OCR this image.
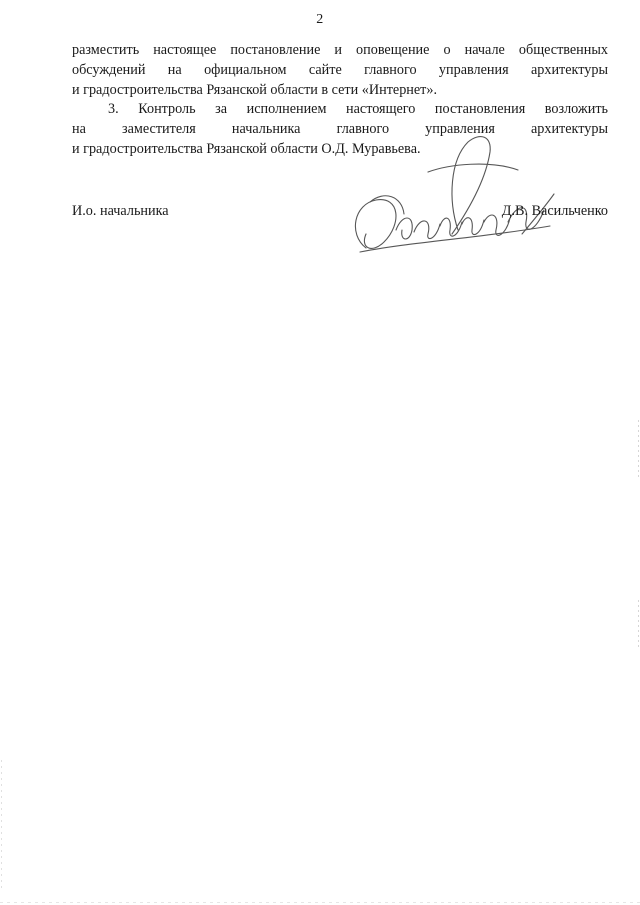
2
разместить настоящее постановление и оповещение о начале общественных
обсуждений на официальном сайте главного управления архитектуры
и градостроительства Рязанской области в сети «Интернет».
3. Контроль за исполнением настоящего постановления возложить
на заместителя начальника главного управления архитектуры
и градостроительства Рязанской области О.Д. Муравьева.
И.о. начальника	Д.В. Васильченко
